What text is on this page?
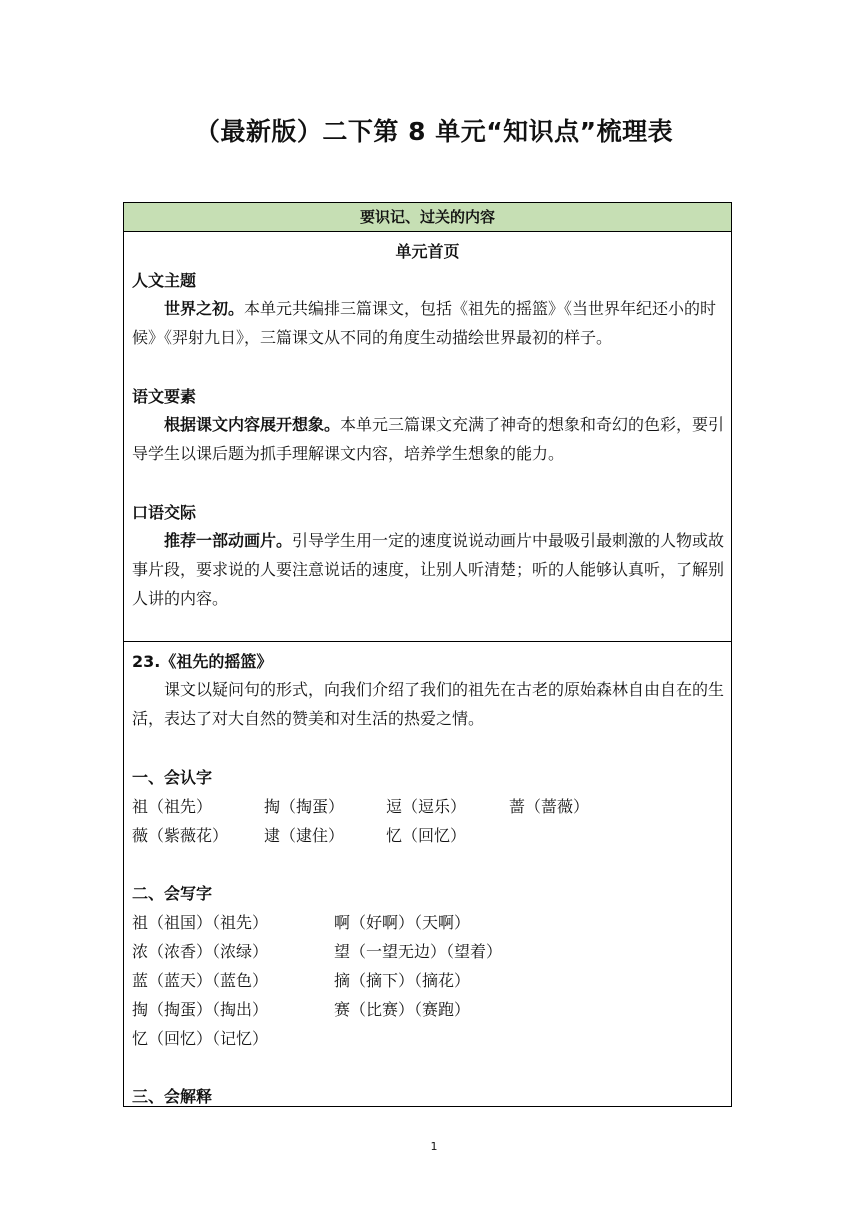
（最新版）二下第 8 单元“知识点”梳理表
要识记、过关的内容
单元首页
人文主题
世界之初。本单元共编排三篇课文，包括《祖先的摇篮》《当世界年纪还小的时候》《羿射九日》，三篇课文从不同的角度生动描绘世界最初的样子。
语文要素
根据课文内容展开想象。本单元三篇课文充满了神奇的想象和奇幻的色彩，要引导学生以课后题为抓手理解课文内容，培养学生想象的能力。
口语交际
推荐一部动画片。引导学生用一定的速度说说动画片中最吸引最刺激的人物或故事片段，要求说的人要注意说话的速度，让别人听清楚；听的人能够认真听，了解别人讲的内容。
23.《祖先的摇篮》
课文以疑问句的形式，向我们介绍了我们的祖先在古老的原始森林自由自在的生活，表达了对大自然的赞美和对生活的热爱之情。
一、会认字
祖（祖先）	掏（掏蛋）	逗（逗乐）	蔷（蔷薇）
薇（紫薇花） 逮（逮住）	忆（回忆）
二、会写字
祖（祖国）（祖先）	啊（好啊）（天啊）
浓（浓香）（浓绿）	望（一望无边）（望着）
蓝（蓝天）（蓝色）	摘（摘下）（摘花）
掏（掏蛋）（掏出）	赛（比赛）（赛跑）
忆（回忆）（记忆）
三、会解释
1
